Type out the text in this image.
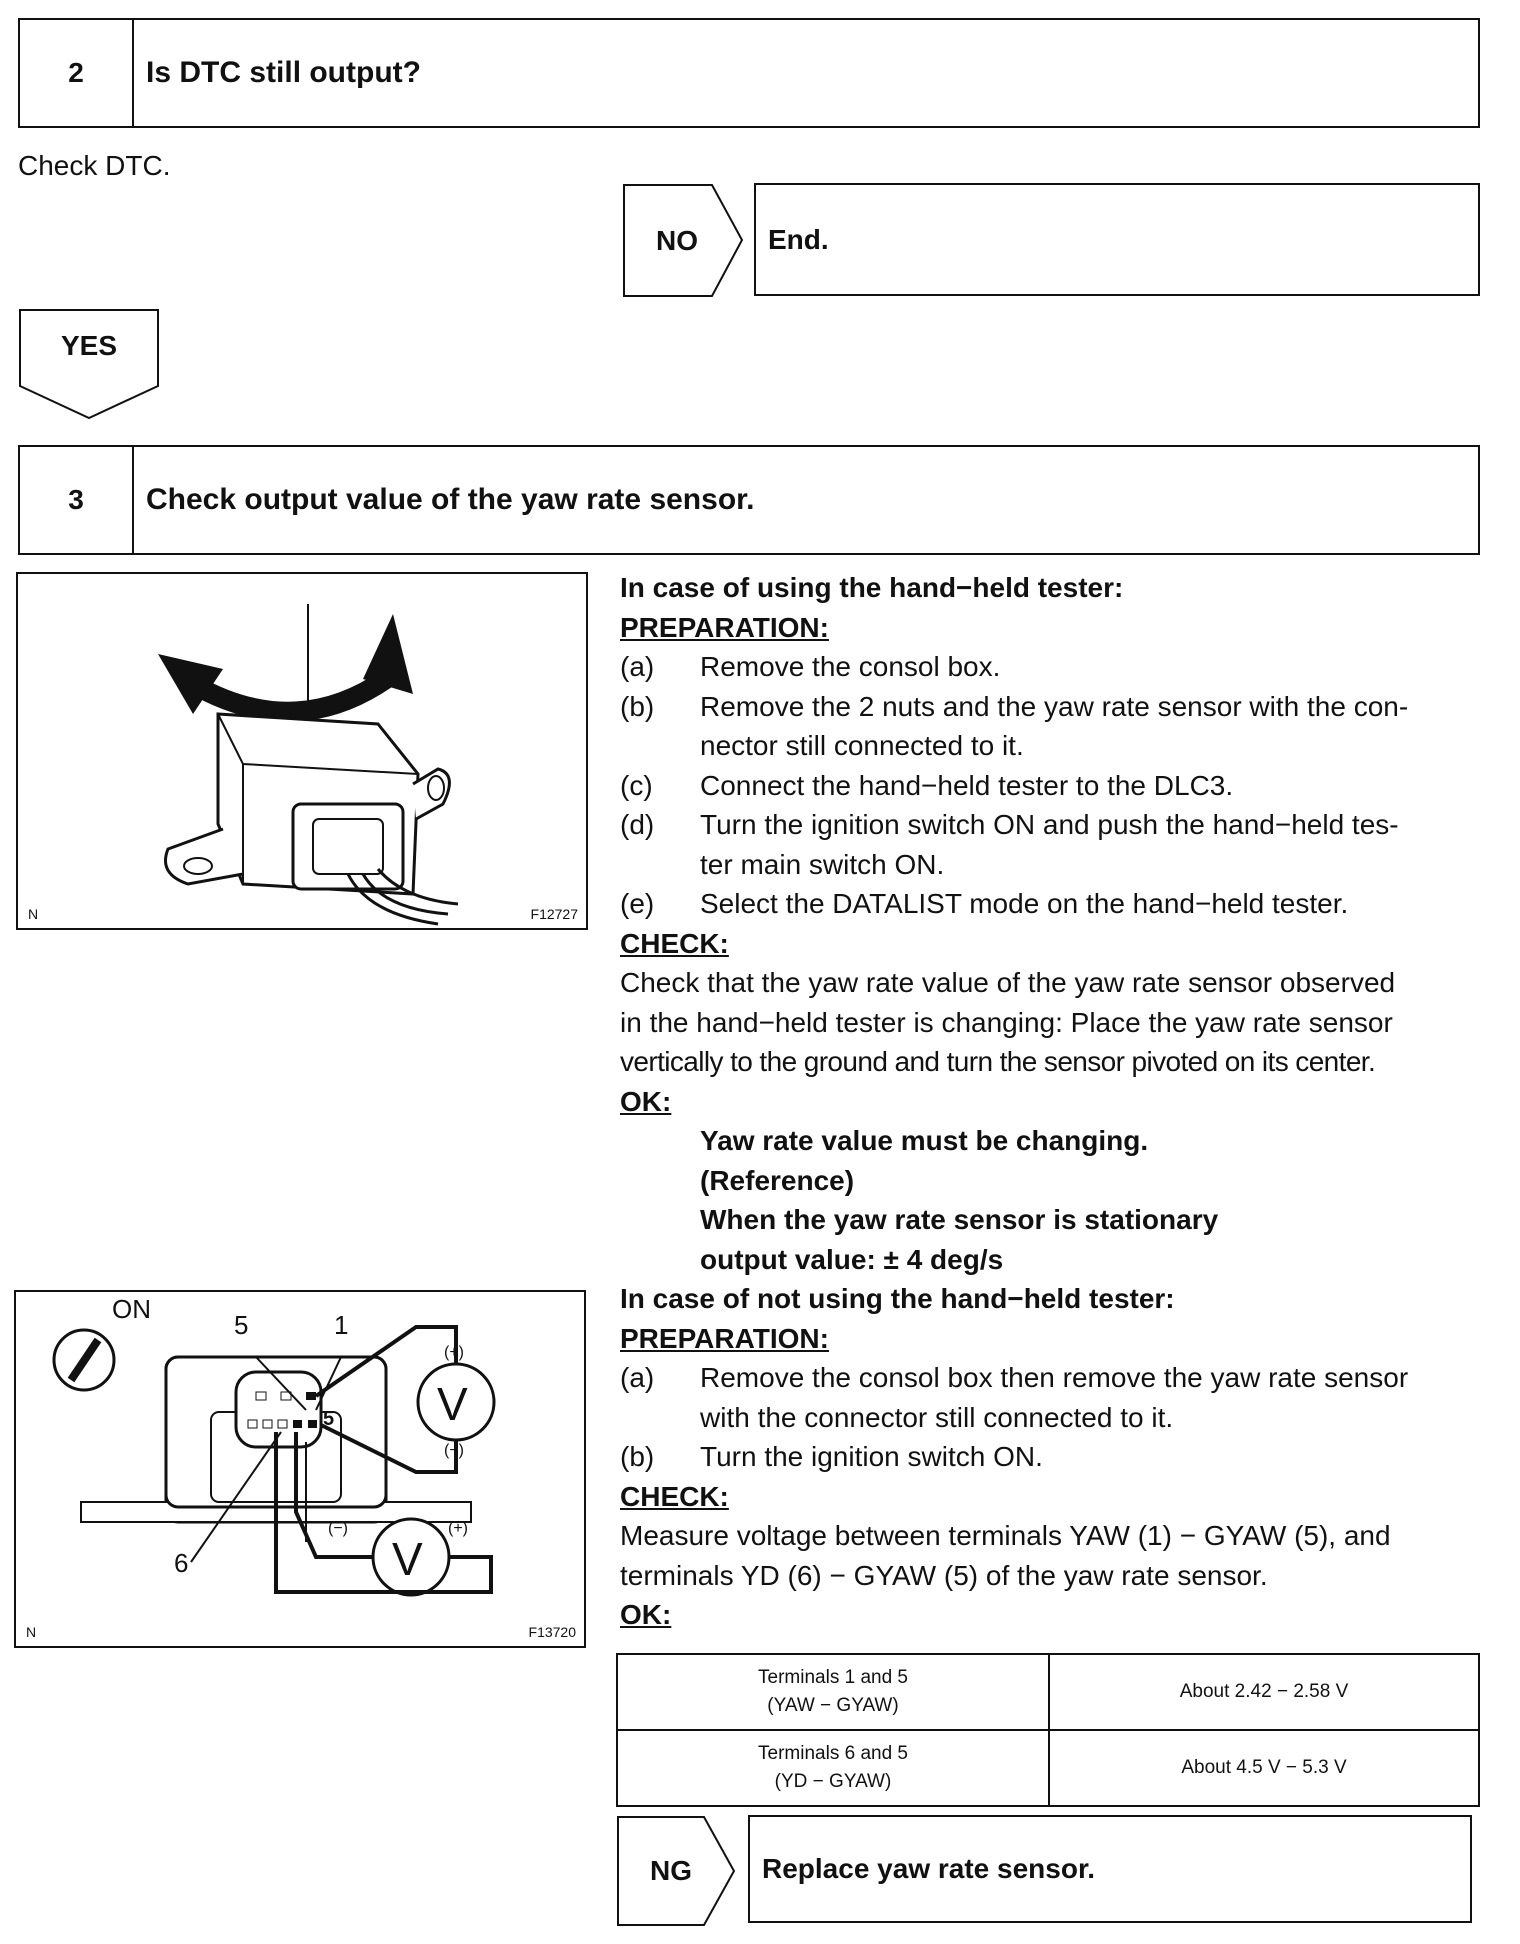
2	Is DTC still output?
Check DTC.
NO	End.
YES
3	Check output value of the yaw rate sensor.
N	F12727
ON
5	1
5
6
(+)
V
(−)
(−)
V
(+)
N	F13720
In case of using the hand−held tester:
PREPARATION:
(a)	Remove the consol box.
(b)	Remove the 2 nuts and the yaw rate sensor with the con-
nector still connected to it.
(c)	Connect the hand−held tester to the DLC3.
(d)	Turn the ignition switch ON and push the hand−held tes-
ter main switch ON.
(e)	Select the DATALIST mode on the hand−held tester.
CHECK:
Check that the yaw rate value of the yaw rate sensor observed
in the hand−held tester is changing: Place the yaw rate sensor
vertically to the ground and turn the sensor pivoted on its center.
OK:
Yaw rate value must be changing.
(Reference)
When the yaw rate sensor is stationary
output value: ± 4 deg/s
In case of not using the hand−held tester:
PREPARATION:
(a)	Remove the consol box then remove the yaw rate sensor
with the connector still connected to it.
(b)	Turn the ignition switch ON.
CHECK:
Measure voltage between terminals YAW (1) − GYAW (5), and
terminals YD (6) − GYAW (5) of the yaw rate sensor.
OK:
Terminals 1 and 5
(YAW − GYAW)	About 2.42 − 2.58 V

Terminals 6 and 5
(YD − GYAW)	About 4.5 V − 5.3 V
NG	Replace yaw rate sensor.
